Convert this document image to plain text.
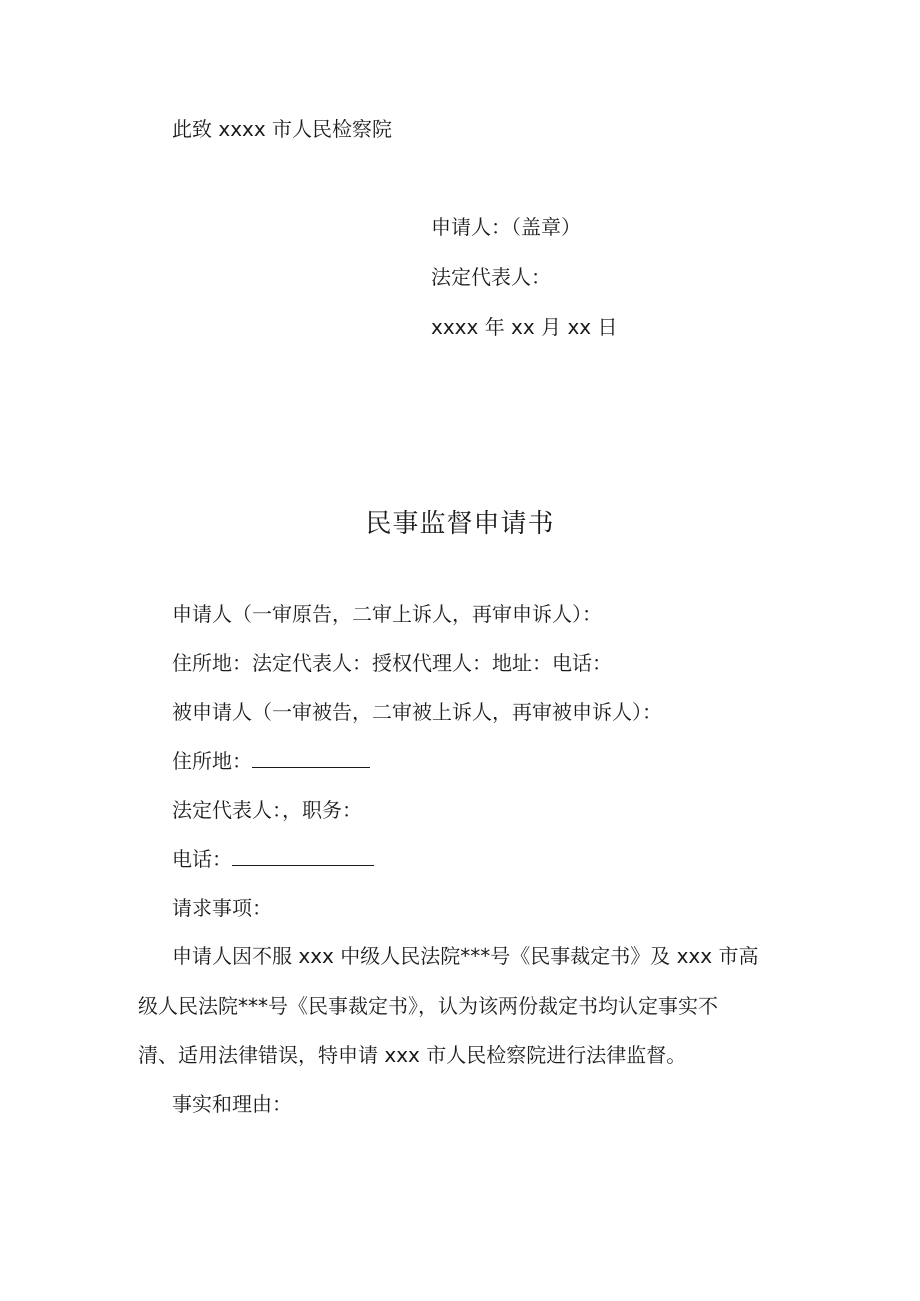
此致 xxxx 市人民检察院
申请人：（盖章）
法定代表人：
xxxx 年 xx 月 xx 日
民事监督申请书
申请人（一审原告，二审上诉人，再审申诉人）：
住所地：法定代表人：授权代理人：地址：电话：
被申请人（一审被告，二审被上诉人，再审被申诉人）：
住所地：
法定代表人：，职务：
电话：
请求事项：
申请人因不服 xxx 中级人民法院***号《民事裁定书》及 xxx 市高
级人民法院***号《民事裁定书》，认为该两份裁定书均认定事实不
清、适用法律错误，特申请 xxx 市人民检察院进行法律监督。
事实和理由：
